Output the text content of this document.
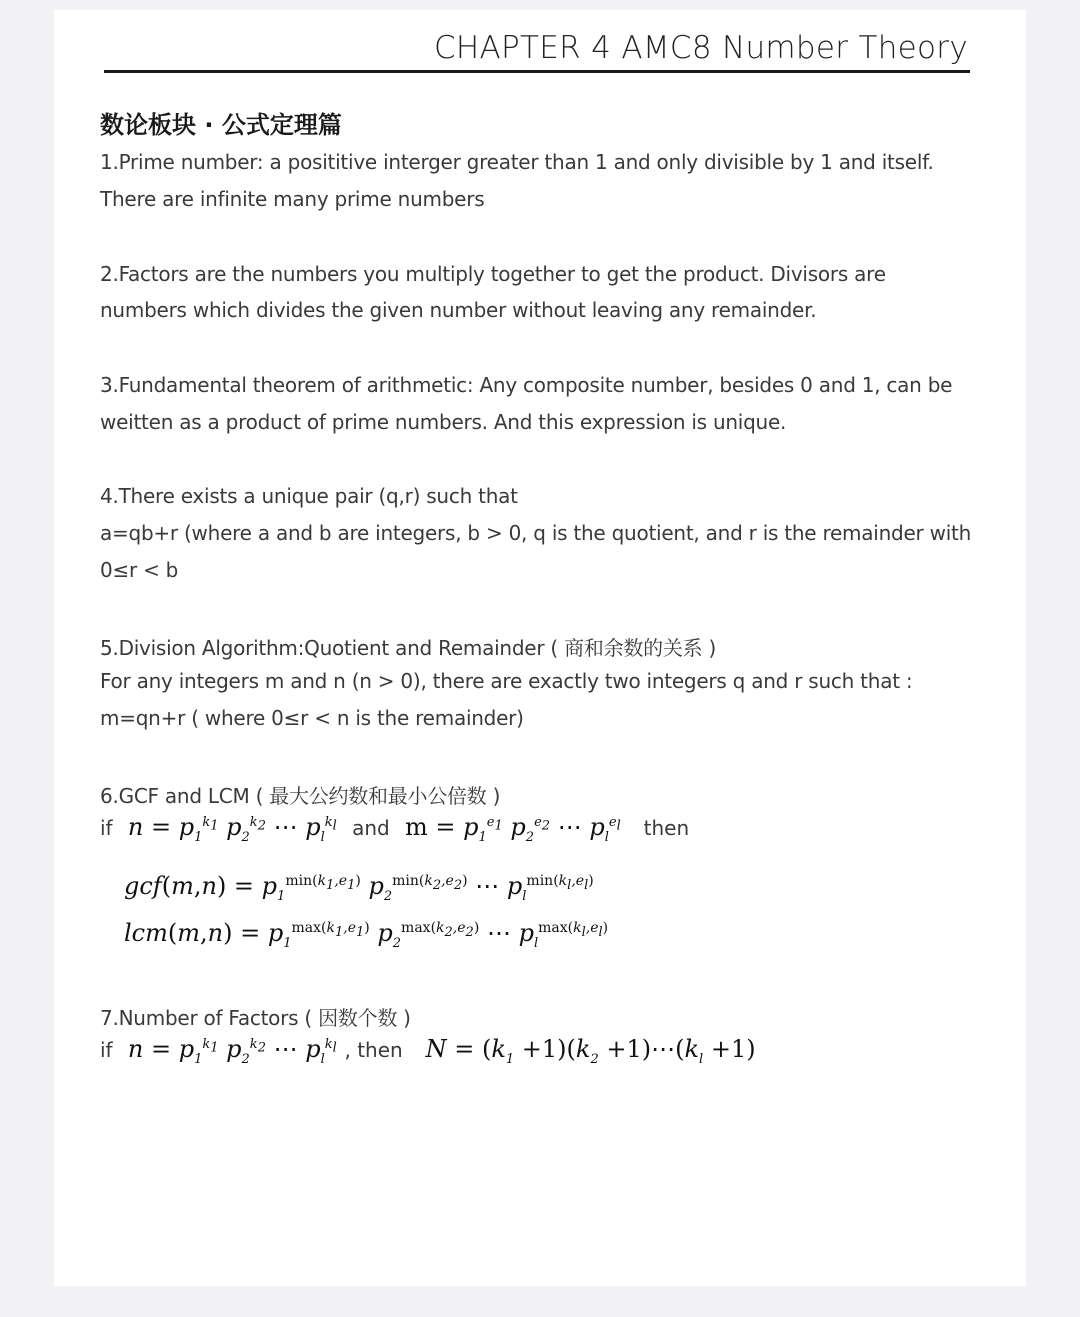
CHAPTER 4 AMC8 Number Theory
数论板块 · 公式定理篇
1.Prime number: a posititive interger greater than 1 and only divisible by 1 and itself.
There are infinite many prime numbers
2.Factors are the numbers you multiply together to get the product. Divisors are
numbers which divides the given number without leaving any remainder.
3.Fundamental theorem of arithmetic: Any composite number, besides 0 and 1, can be
weitten as a product of prime numbers. And this expression is unique.
4.There exists a unique pair (q,r) such that
a=qb+r (where a and b are integers, b > 0, q is the quotient, and r is the remainder with
0≤r < b
5.Division Algorithm:Quotient and Remainder ( 商和余数的关系 )
For any integers m and n (n > 0), there are exactly two integers q and r such that :
m=qn+r ( where 0≤r < n is the remainder)
6.GCF and LCM ( 最大公约数和最小公倍数 )
if  $n = p_1^{k_1}$ $p_2^{k_2}$ ⋯ $p_l^{k_l}$ and $m = p_1^{e_1}$ $p_2^{e_2}$ ⋯ $p_l^{e_l}$ then
$gcf(m,n) = p_1^{min(k_1,e_1)}$ $p_2^{min(k_2,e_2)}$ ⋯ $p_l^{min(k_l,e_l)}$
$lcm(m,n) = p_1^{max(k_1,e_1)}$ $p_2^{max(k_2,e_2)}$ ⋯ $p_l^{max(k_l,e_l)}$
7.Number of Factors ( 因数个数 )
if  $n = p_1^{k_1}$ $p_2^{k_2}$ ⋯ $p_l^{k_l}$ , then   $N = (k_1 +1)(k_2$ $+1)\cdots(k_l +1)$
